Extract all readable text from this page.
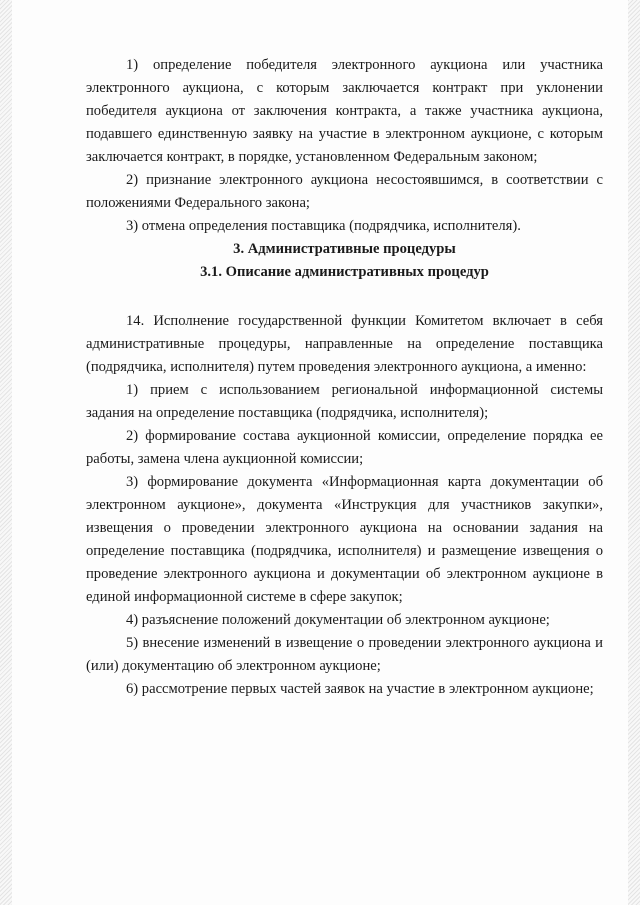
1) определение победителя электронного аукциона или участника электронного аукциона, с которым заключается контракт при уклонении победителя аукциона от заключения контракта, а также участника аукциона, подавшего единственную заявку на участие в электронном аукционе, с которым заключается контракт, в порядке, установленном Федеральным законом;

2) признание электронного аукциона несостоявшимся, в соответствии с положениями Федерального закона;

3) отмена определения поставщика (подрядчика, исполнителя).

3. Административные процедуры

3.1. Описание административных процедур

14. Исполнение государственной функции Комитетом включает в себя административные процедуры, направленные на определение поставщика (подрядчика, исполнителя) путем проведения электронного аукциона, а именно:

1) прием с использованием региональной информационной системы задания на определение поставщика (подрядчика, исполнителя);

2) формирование состава аукционной комиссии, определение порядка ее работы, замена члена аукционной комиссии;

3) формирование документа «Информационная карта документации об электронном аукционе», документа «Инструкция для участников закупки», извещения о проведении электронного аукциона на основании задания на определение поставщика (подрядчика, исполнителя) и размещение извещения о проведение электронного аукциона и документации об электронном аукционе в единой информационной системе в сфере закупок;

4) разъяснение положений документации об электронном аукционе;

5) внесение изменений в извещение о проведении электронного аукциона и (или) документацию об электронном аукционе;

6) рассмотрение первых частей заявок на участие в электронном аукционе;
